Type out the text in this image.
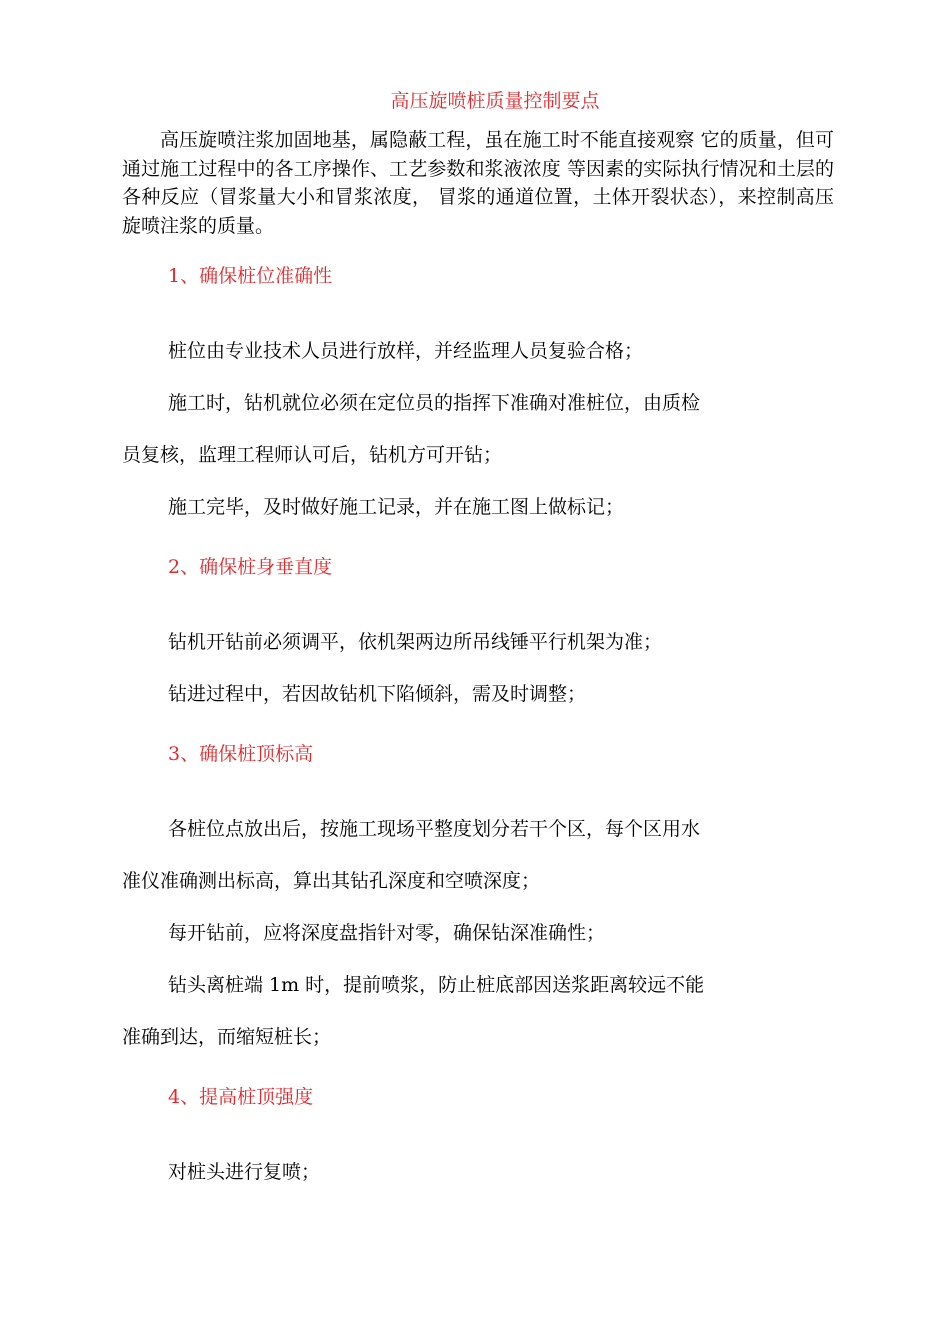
高压旋喷桩质量控制要点
高压旋喷注浆加固地基，属隐蔽工程，虽在施工时不能直接观察 它的质量，但可通过施工过程中的各工序操作、工艺参数和浆液浓度 等因素的实际执行情况和土层的各种反应（冒浆量大小和冒浆浓度， 冒浆的通道位置，土体开裂状态），来控制高压旋喷注浆的质量。
1、确保桩位准确性
桩位由专业技术人员进行放样，并经监理人员复验合格；
施工时，钻机就位必须在定位员的指挥下准确对准桩位，由质检
员复核，监理工程师认可后，钻机方可开钻；
施工完毕，及时做好施工记录，并在施工图上做标记；
2、确保桩身垂直度
钻机开钻前必须调平，依机架两边所吊线锤平行机架为准；
钻进过程中，若因故钻机下陷倾斜，需及时调整；
3、确保桩顶标高
各桩位点放出后，按施工现场平整度划分若干个区，每个区用水
准仪准确测出标高，算出其钻孔深度和空喷深度；
每开钻前，应将深度盘指针对零，确保钻深准确性；
钻头离桩端 1m 时，提前喷浆，防止桩底部因送浆距离较远不能
准确到达，而缩短桩长；
4、提高桩顶强度
对桩头进行复喷；
